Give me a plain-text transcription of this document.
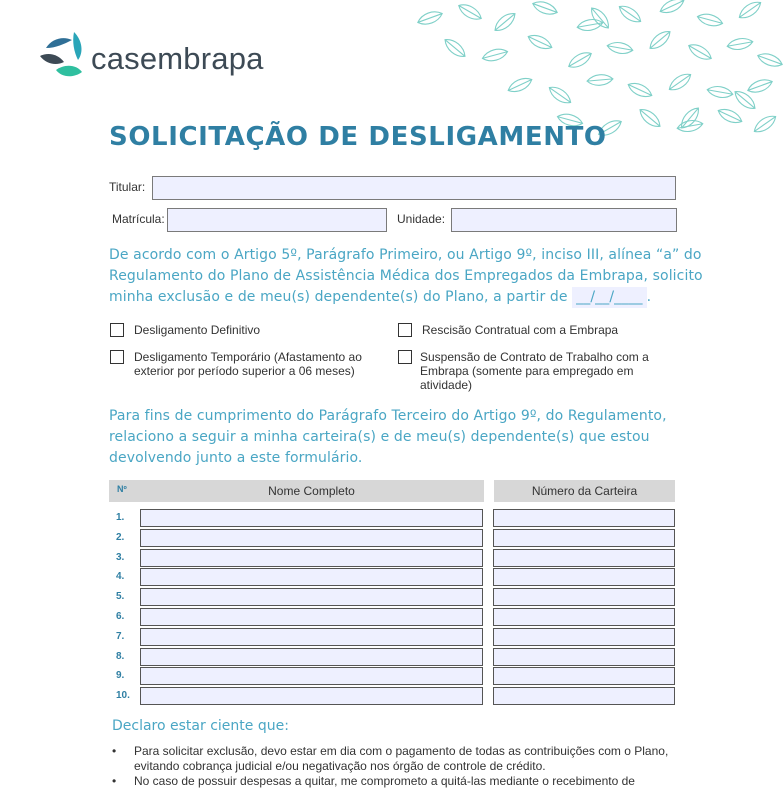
casembrapa
SOLICITAÇÃO DE DESLIGAMENTO
Titular:
Matrícula:	Unidade:
De acordo com o Artigo 5º, Parágrafo Primeiro, ou Artigo 9º, inciso III, alínea “a” do Regulamento do Plano de Assistência Médica dos Empregados da Embrapa, solicito minha exclusão e de meu(s) dependente(s) do Plano, a partir de __/__/____ .
Desligamento Definitivo	Rescisão Contratual com a Embrapa
Desligamento Temporário (Afastamento ao exterior por período superior a 06 meses)
Suspensão de Contrato de Trabalho com a Embrapa (somente para empregado em atividade)
Para fins de cumprimento do Parágrafo Terceiro do Artigo 9º, do Regulamento, relaciono a seguir a minha carteira(s) e de meu(s) dependente(s) que estou devolvendo junto a este formulário.
Nº	Nome Completo	Número da Carteira
1.
2.
3.
4.
5.
6.
7.
8.
9.
10.
Declaro estar ciente que:
• Para solicitar exclusão, devo estar em dia com o pagamento de todas as contribuições com o Plano, evitando cobrança judicial e/ou negativação nos órgão de controle de crédito.
• No caso de possuir despesas a quitar, me comprometo a quitá-las mediante o recebimento de
